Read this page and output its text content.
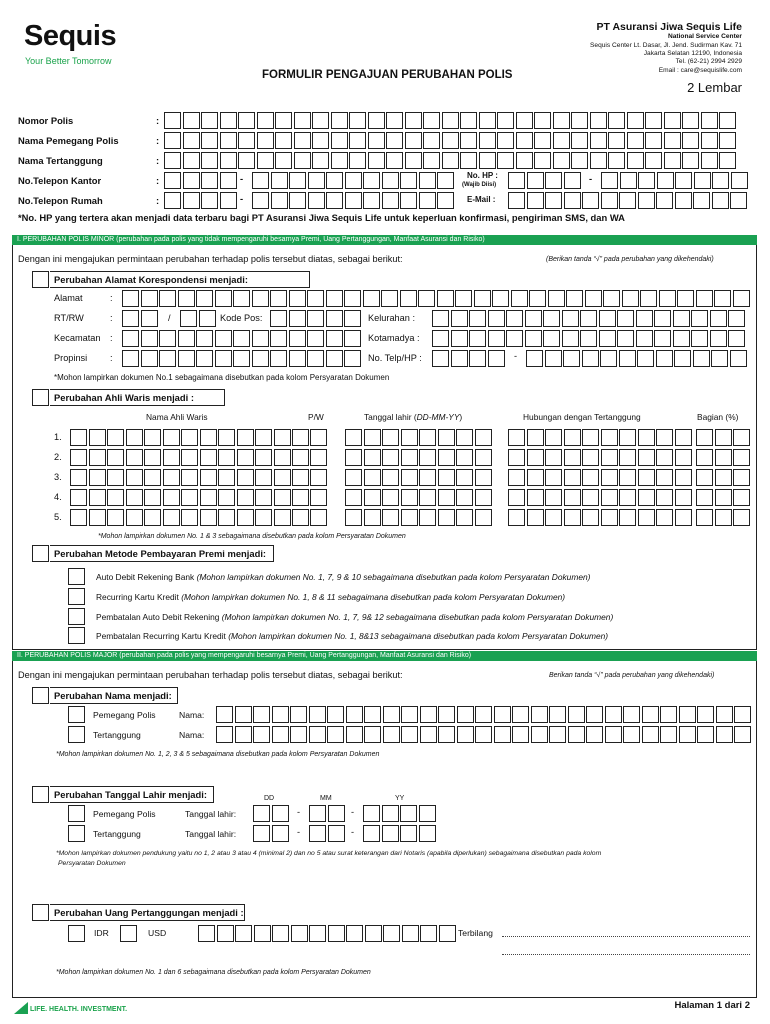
Sequis
Your Better Tomorrow
PT Asuransi Jiwa Sequis Life
National Service Center
Sequis Center Lt. Dasar, Jl. Jend. Sudirman Kav. 71
Jakarta Selatan 12190, Indonesia
Tel. (62-21) 2994 2929
Email : care@sequislife.com
FORMULIR PENGAJUAN PERUBAHAN POLIS
2 Lembar
Nomor Polis	:
Nama Pemegang Polis	:
Nama Tertanggung	:
No.Telepon Kantor	:	-	No. HP :
(Wajib Diisi)
-
No.Telepon Rumah	:	-	E-Mail :
*No. HP yang tertera akan menjadi data terbaru bagi PT Asuransi Jiwa Sequis Life untuk keperluan konfirmasi, pengiriman SMS, dan WA
I. PERUBAHAN POLIS MINOR (perubahan pada polis yang tidak mempengaruhi besarnya Premi, Uang Pertanggungan, Manfaat Asuransi dan Risiko)
Dengan ini mengajukan permintaan perubahan terhadap polis tersebut diatas, sebagai berikut:	(Berikan tanda “√” pada perubahan yang dikehendaki)
Perubahan Alamat Korespondensi menjadi:
Alamat	:
RT/RW	:	/	Kode Pos:	Kelurahan :
Kecamatan :	Kotamadya :
Propinsi :	No. Telp/HP :	-
*Mohon lampirkan dokumen No.1 sebagaimana disebutkan pada kolom Persyaratan Dokumen
Perubahan Ahli Waris menjadi :
Nama Ahli Waris	P/W	Tanggal lahir (DD-MM-YY)	Hubungan dengan Tertanggung	Bagian (%)
1.
2.
3.
4.
5.
*Mohon lampirkan dokumen No. 1 & 3 sebagaimana disebutkan pada kolom Persyaratan Dokumen
Perubahan Metode Pembayaran Premi menjadi:
Auto Debit Rekening Bank (Mohon lampirkan dokumen No. 1, 7, 9 & 10 sebagaimana disebutkan pada kolom Persyaratan Dokumen)
Recurring Kartu Kredit (Mohon lampirkan dokumen No. 1, 8 & 11 sebagaimana disebutkan pada kolom Persyaratan Dokumen)
Pembatalan Auto Debit Rekening (Mohon lampirkan dokumen No. 1, 7, 9& 12 sebagaimana disebutkan pada kolom Persyaratan Dokumen)
Pembatalan Recurring Kartu Kredit (Mohon lampirkan dokumen No. 1, 8&13 sebagaimana disebutkan pada kolom Persyaratan Dokumen)
II. PERUBAHAN POLIS MAJOR (perubahan pada polis yang mempengaruhi besarnya Premi, Uang Pertanggungan, Manfaat Asuransi dan Risiko)
Dengan ini mengajukan permintaan perubahan terhadap polis tersebut diatas, sebagai berikut:	Berikan tanda “√” pada perubahan yang dikehendaki)
Perubahan Nama menjadi:
Pemegang Polis	Nama:
Tertanggung	Nama:
*Mohon lampirkan dokumen No. 1, 2, 3 & 5 sebagaimana disebutkan pada kolom Persyaratan Dokumen
Perubahan Tanggal Lahir menjadi:	DD	MM	YY
Pemegang Polis	Tanggal lahir:	-	-
Tertanggung	Tanggal lahir:	-	-
*Mohon lampirkan dokumen pendukung yaitu no 1, 2 atau 3 atau 4 (minimal 2) dan no 5 atau surat keterangan dari Notaris (apabila diperlukan) sebagaimana disebutkan pada kolom
Persyaratan Dokumen
Perubahan Uang Pertanggungan menjadi :
IDR	USD	Terbilang
*Mohon lampirkan dokumen No. 1 dan 6 sebagaimana disebutkan pada kolom Persyaratan Dokumen
LIFE. HEALTH. INVESTMENT.	Halaman 1 dari 2
